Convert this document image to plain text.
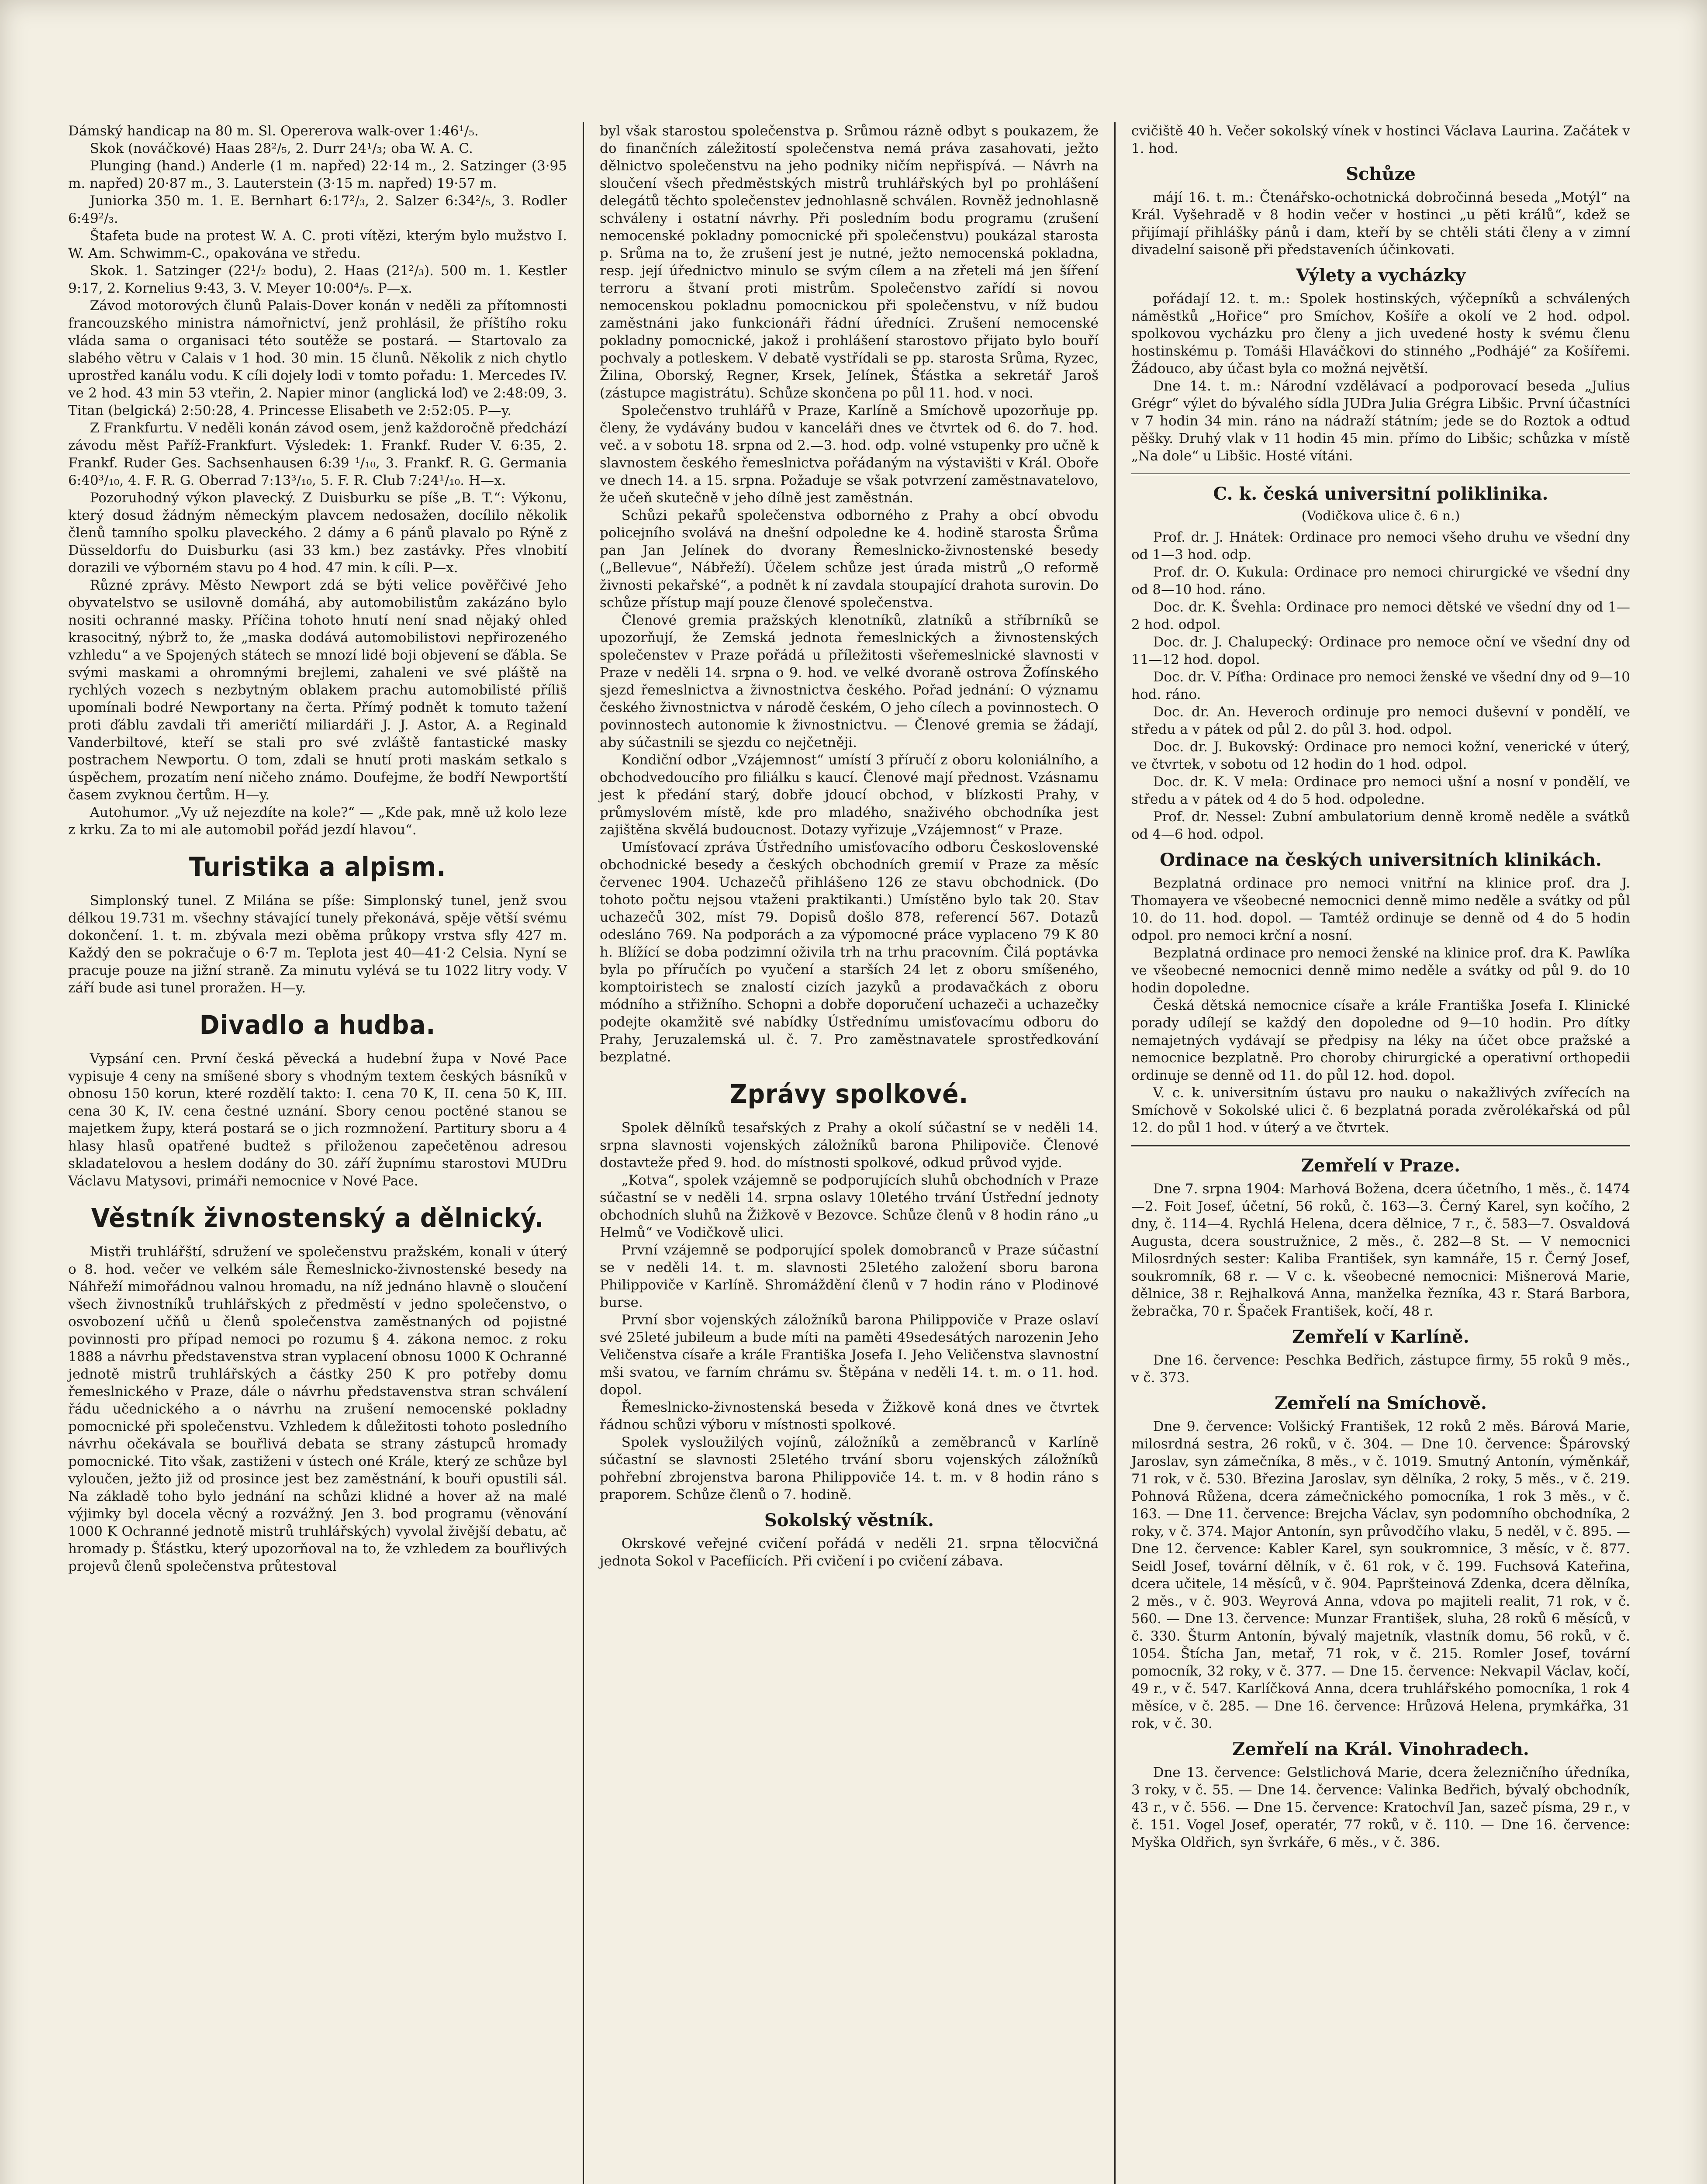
Dámský handicap na 80 m. Sl. Opererova walk-over 1:46¹/₅.

Skok (nováčkové) Haas 28²/₅, 2. Durr 24¹/₃; oba W. A. C.

Plunging (hand.) Anderle (1 m. napřed) 22·14 m., 2. Satzinger (3·95 m. napřed) 20·87 m., 3. Lauterstein (3·15 m. napřed) 19·57 m.

Juniorka 350 m. 1. E. Bernhart 6:17²/₃, 2. Salzer 6:34²/₅, 3. Rodler 6:49²/₃.

Štafeta bude na protest W. A. C. proti vítězi, kterým bylo mužstvo I. W. Am. Schwimm-C., opakována ve středu.

Skok. 1. Satzinger (22¹/₂ bodu), 2. Haas (21²/₃). 500 m. 1. Kestler 9:17, 2. Kornelius 9:43, 3. V. Meyer 10:00⁴/₅. P—x.

Závod motorových člunů Palais-Dover konán v neděli za přítomnosti francouzského ministra námořnictví, jenž prohlásil, že příštího roku vláda sama o organisaci této soutěže se postará. — Startovalo za slabého větru v Calais v 1 hod. 30 min. 15 člunů. Několik z nich chytlo uprostřed kanálu vodu. K cíli dojely lodi v tomto pořadu: 1. Mercedes IV. ve 2 hod. 43 min 53 vteřin, 2. Napier minor (anglická loď) ve 2:48:09, 3. Titan (belgická) 2:50:28, 4. Princesse Elisabeth ve 2:52:05. P—y.

Z Frankfurtu. V neděli konán závod osem, jenž každoročně předchází závodu měst Paříž-Frankfurt. Výsledek: 1. Frankf. Ruder V. 6:35, 2. Frankf. Ruder Ges. Sachsenhausen 6:39 ¹/₁₀, 3. Frankf. R. G. Germania 6:40³/₁₀, 4. F. R. G. Oberrad 7:13³/₁₀, 5. F. R. Club 7:24¹/₁₀. H—x.

Pozoruhodný výkon plavecký. Z Duisburku se píše „B. T.“: Výkonu, který dosud žádným německým plavcem nedosažen, docílilo několik členů tamního spolku plaveckého. 2 dámy a 6 pánů plavalo po Rýně z Düsseldorfu do Duisburku (asi 33 km.) bez zastávky. Přes vlnobití dorazili ve výborném stavu po 4 hod. 47 min. k cíli. P—x.

Různé zprávy. Město Newport zdá se býti velice pověřčivé Jeho obyvatelstvo se usilovně domáhá, aby automobilistům zakázáno bylo nositi ochranné masky. Příčina tohoto hnutí není snad nějaký ohled krasocitný, nýbrž to, že „maska dodává automobilistovi nepřirozeného vzhledu“ a ve Spojených státech se mnozí lidé boji objevení se ďábla. Se svými maskami a ohromnými brejlemi, zahaleni ve své pláště na rychlých vozech s nezbytným oblakem prachu automobilisté příliš upomínali bodré Newportany na čerta. Přímý podnět k tomuto tažení proti ďáblu zavdali tři američtí miliardáři J. J. Astor, A. a Reginald Vanderbiltové, kteří se stali pro své zvláště fantastické masky postrachem Newportu. O tom, zdali se hnutí proti maskám setkalo s úspěchem, prozatím není ničeho známo. Doufejme, že bodří Newportští časem zvyknou čertům. H—y.

Autohumor. „Vy už nejezdíte na kole?“ — „Kde pak, mně už kolo leze z krku. Za to mi ale automobil pořád jezdí hlavou“.

Turistika a alpism.

Simplonský tunel. Z Milána se píše: Simplonský tunel, jenž svou délkou 19.731 m. všechny stávající tunely překonává, spěje větší svému dokončení. 1. t. m. zbývala mezi oběma průkopy vrstva sfly 427 m. Každý den se pokračuje o 6·7 m. Teplota jest 40—41·2 Celsia. Nyní se pracuje pouze na jižní straně. Za minutu vylévá se tu 1022 litry vody. V září bude asi tunel proražen. H—y.

Divadlo a hudba.

Vypsání cen. První česká pěvecká a hudební župa v Nové Pace vypisuje 4 ceny na smíšené sbory s vhodným textem českých básníků v obnosu 150 korun, které rozdělí takto: I. cena 70 K, II. cena 50 K, III. cena 30 K, IV. cena čestné uznání. Sbory cenou poctěné stanou se majetkem župy, která postará se o jich rozmnožení. Partitury sboru a 4 hlasy hlasů opatřené budtež s přiloženou zapečetěnou adresou skladatelovou a heslem dodány do 30. září župnímu starostovi MUDru Václavu Matysovi, primáři nemocnice v Nové Pace.

Věstník živnostenský a dělnický.

Mistři truhlářští, sdružení ve společenstvu pražském, konali v úterý o 8. hod. večer ve velkém sále Řemeslnicko-živnostenské besedy na Náhřeží mimořádnou valnou hromadu, na níž jednáno hlavně o sloučení všech živnostníků truhlářských z předměstí v jedno společenstvo, o osvobození učňů u členů společenstva zaměstnaných od pojistné povinnosti pro případ nemoci po rozumu § 4. zákona nemoc. z roku 1888 a návrhu představenstva stran vyplacení obnosu 1000 K Ochranné jednotě mistrů truhlářských a částky 250 K pro potřeby domu řemeslnického v Praze, dále o návrhu představenstva stran schválení řádu učednického a o návrhu na zrušení nemocenské pokladny pomocnické při společenstvu. Vzhledem k důležitosti tohoto posledního návrhu očekávala se bouřlivá debata se strany zástupců hromady pomocnické. Tito však, zastiženi v ústech oné Krále, který ze schůze byl vyloučen, ježto již od prosince jest bez zaměstnání, k bouři opustili sál. Na základě toho bylo jednání na schůzi klidné a hover až na malé výjimky byl docela věcný a rozvážný. Jen 3. bod programu (věnování 1000 K Ochranné jednotě mistrů truhlářských) vyvolal živější debatu, ač hromady p. Šťástku, který upozorňoval na to, že vzhledem za bouřlivých projevů členů společenstva průtestoval

byl však starostou společenstva p. Srůmou rázně odbyt s poukazem, že do finančních záležitostí společenstva nemá práva zasahovati, ježto dělnictvo společenstvu na jeho podniky ničím nepřispívá. — Návrh na sloučení všech předměstských mistrů truhlářských byl po prohlášení delegátů těchto společenstev jednohlasně schválen. Rovněž jednohlasně schváleny i ostatní návrhy. Při posledním bodu programu (zrušení nemocenské pokladny pomocnické při společenstvu) poukázal starosta p. Srůma na to, že zrušení jest je nutné, ježto nemocenská pokladna, resp. její úřednictvo minulo se svým cílem a na zřeteli má jen šíření terroru a štvaní proti mistrům. Společenstvo zařídí si novou nemocenskou pokladnu pomocnickou při společenstvu, v níž budou zaměstnáni jako funkcionáři řádní úředníci. Zrušení nemocenské pokladny pomocnické, jakož i prohlášení starostovo přijato bylo bouří pochvaly a potleskem. V debatě vystřídali se pp. starosta Srůma, Ryzec, Žilina, Oborský, Regner, Krsek, Jelínek, Šťástka a sekretář Jaroš (zástupce magistrátu). Schůze skončena po půl 11. hod. v noci.

Společenstvo truhlářů v Praze, Karlíně a Smíchově upozorňuje pp. členy, že vydávány budou v kanceláři dnes ve čtvrtek od 6. do 7. hod. več. a v sobotu 18. srpna od 2.—3. hod. odp. volné vstupenky pro učně k slavnostem českého řemeslnictva pořádaným na výstavišti v Král. Oboře ve dnech 14. a 15. srpna. Požaduje se však potvrzení zaměstnavatelovo, že učeň skutečně v jeho dílně jest zaměstnán.

Schůzi pekařů společenstva odborného z Prahy a obcí obvodu policejního svolává na dnešní odpoledne ke 4. hodině starosta Šrůma pan Jan Jelínek do dvorany Řemeslnicko-živnostenské besedy („Bellevue“, Nábřeží). Účelem schůze jest úrada mistrů „O reformě živnosti pekařské“, a podnět k ní zavdala stoupající drahota surovin. Do schůze přístup mají pouze členové společenstva.

Členové gremia pražských klenotníků, zlatníků a stříbrníků se upozorňují, že Zemská jednota řemeslnických a živnostenských společenstev v Praze pořádá u příležitosti všeřemeslnické slavnosti v Praze v neděli 14. srpna o 9. hod. ve velké dvoraně ostrova Žofínského sjezd řemeslnictva a živnostnictva českého. Pořad jednání: O významu českého živnostnictva v národě českém, O jeho cílech a povinnostech. O povinnostech autonomie k živnostnictvu. — Členové gremia se žádají, aby súčastnili se sjezdu co nejčetněji.

Kondiční odbor „Vzájemnost“ umístí 3 příručí z oboru koloniálního, a obchodvedoucího pro filiálku s kaucí. Členové mají přednost. Vzásnamu jest k předání starý, dobře jdoucí obchod, v blízkosti Prahy, v průmyslovém místě, kde pro mladého, snaživého obchodníka jest zajištěna skvělá budoucnost. Dotazy vyřizuje „Vzájemnost“ v Praze.

Umísťovací zpráva Ústředního umisťovacího odboru Československé obchodnické besedy a českých obchodních gremií v Praze za měsíc červenec 1904. Uchazečů přihlášeno 126 ze stavu obchodnick. (Do tohoto počtu nejsou vtaženi praktikanti.) Umístěno bylo tak 20. Stav uchazečů 302, míst 79. Dopisů došlo 878, referencí 567. Dotazů odesláno 769. Na podporách a za výpomocné práce vyplaceno 79 K 80 h. Blížící se doba podzimní oživila trh na trhu pracovním. Čilá poptávka byla po příručích po vyučení a starších 24 let z oboru smíšeného, komptoiristech se znalostí cizích jazyků a prodavačkách z oboru módního a střižního. Schopni a dobře doporučení uchazeči a uchazečky podejte okamžitě své nabídky Ústřednímu umisťovacímu odboru do Prahy, Jeruzalemská ul. č. 7. Pro zaměstnavatele sprostředkování bezplatné.

Zprávy spolkové.

Spolek dělníků tesařských z Prahy a okolí súčastní se v neděli 14. srpna slavnosti vojenských záložníků barona Philipoviče. Členové dostavteže před 9. hod. do místnosti spolkové, odkud průvod vyjde.

„Kotva“, spolek vzájemně se podporujících sluhů obchodních v Praze súčastní se v neděli 14. srpna oslavy 10letého trvání Ústřední jednoty obchodních sluhů na Žižkově v Bezovce. Schůze členů v 8 hodin ráno „u Helmů“ ve Vodičkově ulici.

První vzájemně se podporující spolek domobranců v Praze súčastní se v neděli 14. t. m. slavnosti 25letého založení sboru barona Philippoviče v Karlíně. Shromáždění členů v 7 hodin ráno v Plodinové burse.

První sbor vojenských záložníků barona Philippoviče v Praze oslaví své 25leté jubileum a bude míti na paměti 49sedesátých narozenin Jeho Veličenstva císaře a krále Františka Josefa I. Jeho Veličenstva slavnostní mši svatou, ve farním chrámu sv. Štěpána v neděli 14. t. m. o 11. hod. dopol.

Řemeslnicko-živnostenská beseda v Žižkově koná dnes ve čtvrtek řádnou schůzi výboru v místnosti spolkové.

Spolek vysloužilých vojínů, záložníků a zeměbranců v Karlíně súčastní se slavnosti 25letého trvání sboru vojenských záložníků pohřební zbrojenstva barona Philippoviče 14. t. m. v 8 hodin ráno s praporem. Schůze členů o 7. hodině.

Sokolský věstník.

Okrskové veřejné cvičení pořádá v neděli 21. srpna tělocvičná jednota Sokol v Pacefíicích. Při cvičení i po cvičení zábava.

cvičiště 40 h. Večer sokolský vínek v hostinci Václava Laurina. Začátek v 1. hod.

Schůze

májí 16. t. m.: Čtenářsko-ochotnická dobročinná beseda „Motýl“ na Král. Vyšehradě v 8 hodin večer v hostinci „u pěti králů“, kdež se přijímají přihlášky pánů i dam, kteří by se chtěli státi členy a v zimní divadelní saisoně při představeních účinkovati.

Výlety a vycházky

pořádají 12. t. m.: Spolek hostinských, výčepníků a schválených náměstků „Hořice“ pro Smíchov, Košíře a okolí ve 2 hod. odpol. spolkovou vycházku pro členy a jich uvedené hosty k svému členu hostinskému p. Tomáši Hlaváčkovi do stinného „Podhájé“ za Košířemi. Žádouco, aby účast byla co možná největší.

Dne 14. t. m.: Národní vzdělávací a podporovací beseda „Julius Grégr“ výlet do bývalého sídla JUDra Julia Grégra Libšic. První účastníci v 7 hodin 34 min. ráno na nádraží státním; jede se do Roztok a odtud pěšky. Druhý vlak v 11 hodin 45 min. přímo do Libšic; schůzka v místě „Na dole“ u Libšic. Hosté vítáni.

C. k. česká universitní poliklinika.
(Vodičkova ulice č. 6 n.)

Prof. dr. J. Hnátek: Ordinace pro nemoci všeho druhu ve všední dny od 1—3 hod. odp.

Prof. dr. O. Kukula: Ordinace pro nemoci chirurgické ve všední dny od 8—10 hod. ráno.

Doc. dr. K. Švehla: Ordinace pro nemoci dětské ve všední dny od 1—2 hod. odpol.

Doc. dr. J. Chalupecký: Ordinace pro nemoce oční ve všední dny od 11—12 hod. dopol.

Doc. dr. V. Píťha: Ordinace pro nemoci ženské ve všední dny od 9—10 hod. ráno.

Doc. dr. An. Heveroch ordinuje pro nemoci duševní v pondělí, ve středu a v pátek od půl 2. do půl 3. hod. odpol.

Doc. dr. J. Bukovský: Ordinace pro nemoci kožní, venerické v úterý, ve čtvrtek, v sobotu od 12 hodin do 1 hod. odpol.

Doc. dr. K. V mela: Ordinace pro nemoci ušní a nosní v pondělí, ve středu a v pátek od 4 do 5 hod. odpoledne.

Prof. dr. Nessel: Zubní ambulatorium denně kromě neděle a svátků od 4—6 hod. odpol.

Ordinace na českých universitních klinikách.

Bezplatná ordinace pro nemoci vnitřní na klinice prof. dra J. Thomayera ve všeobecné nemocnici denně mimo neděle a svátky od půl 10. do 11. hod. dopol. — Tamtéž ordinuje se denně od 4 do 5 hodin odpol. pro nemoci krční a nosní.

Bezplatná ordinace pro nemoci ženské na klinice prof. dra K. Pawlíka ve všeobecné nemocnici denně mimo neděle a svátky od půl 9. do 10 hodin dopoledne.

Česká dětská nemocnice císaře a krále Františka Josefa I. Klinické porady udílejí se každý den dopoledne od 9—10 hodin. Pro dítky nemajetných vydávají se předpisy na léky na účet obce pražské a nemocnice bezplatně. Pro choroby chirurgické a operativní orthopedii ordinuje se denně od 11. do půl 12. hod. dopol.

V. c. k. universitním ústavu pro nauku o nakažlivých zvířecích na Smíchově v Sokolské ulici č. 6 bezplatná porada zvěrolékařská od půl 12. do půl 1 hod. v úterý a ve čtvrtek.

Zemřelí v Praze.

Dne 7. srpna 1904: Marhová Božena, dcera účetního, 1 měs., č. 1474—2. Foit Josef, účetní, 56 roků, č. 163—3. Černý Karel, syn kočího, 2 dny, č. 114—4. Rychlá Helena, dcera dělnice, 7 r., č. 583—7. Osvaldová Augusta, dcera soustružnice, 2 měs., č. 282—8 St. — V nemocnici Milosrdných sester: Kaliba František, syn kamnáře, 15 r. Černý Josef, soukromník, 68 r. — V c. k. všeobecné nemocnici: Mišnerová Marie, dělnice, 38 r. Rejhalková Anna, manželka řezníka, 43 r. Stará Barbora, žebračka, 70 r. Špaček František, kočí, 48 r.

Zemřelí v Karlíně.

Dne 16. července: Peschka Bedřich, zástupce firmy, 55 roků 9 měs., v č. 373.

Zemřelí na Smíchově.

Dne 9. července: Volšický František, 12 roků 2 měs. Bárová Marie, milosrdná sestra, 26 roků, v č. 304. — Dne 10. července: Špárovský Jaroslav, syn zámečníka, 8 měs., v č. 1019. Smutný Antonín, výměnkář, 71 rok, v č. 530. Březina Jaroslav, syn dělníka, 2 roky, 5 měs., v č. 219. Pohnová Růžena, dcera zámečnického pomocníka, 1 rok 3 měs., v č. 163. — Dne 11. července: Brejcha Václav, syn podomního obchodníka, 2 roky, v č. 374. Major Antonín, syn průvodčího vlaku, 5 neděl, v č. 895. — Dne 12. července: Kabler Karel, syn soukromnice, 3 měsíc, v č. 877. Seidl Josef, tovární dělník, v č. 61 rok, v č. 199. Fuchsová Kateřina, dcera učitele, 14 měsíců, v č. 904. Papršteinová Zdenka, dcera dělníka, 2 měs., v č. 903. Weyrová Anna, vdova po majiteli realit, 71 rok, v č. 560. — Dne 13. července: Munzar František, sluha, 28 roků 6 měsíců, v č. 330. Šturm Antonín, bývalý majetník, vlastník domu, 56 roků, v č. 1054. Štícha Jan, metař, 71 rok, v č. 215. Romler Josef, tovární pomocník, 32 roky, v č. 377. — Dne 15. července: Nekvapil Václav, kočí, 49 r., v č. 547. Karlíčková Anna, dcera truhlářského pomocníka, 1 rok 4 měsíce, v č. 285. — Dne 16. července: Hrůzová Helena, prymkářka, 31 rok, v č. 30.

Zemřelí na Král. Vinohradech.

Dne 13. července: Gelstlichová Marie, dcera železničního úředníka, 3 roky, v č. 55. — Dne 14. července: Valinka Bedřich, bývalý obchodník, 43 r., v č. 556. — Dne 15. července: Kratochvíl Jan, sazeč písma, 29 r., v č. 151. Vogel Josef, operatér, 77 roků, v č. 110. — Dne 16. července: Myška Oldřich, syn švrkáře, 6 měs., v č. 386.
